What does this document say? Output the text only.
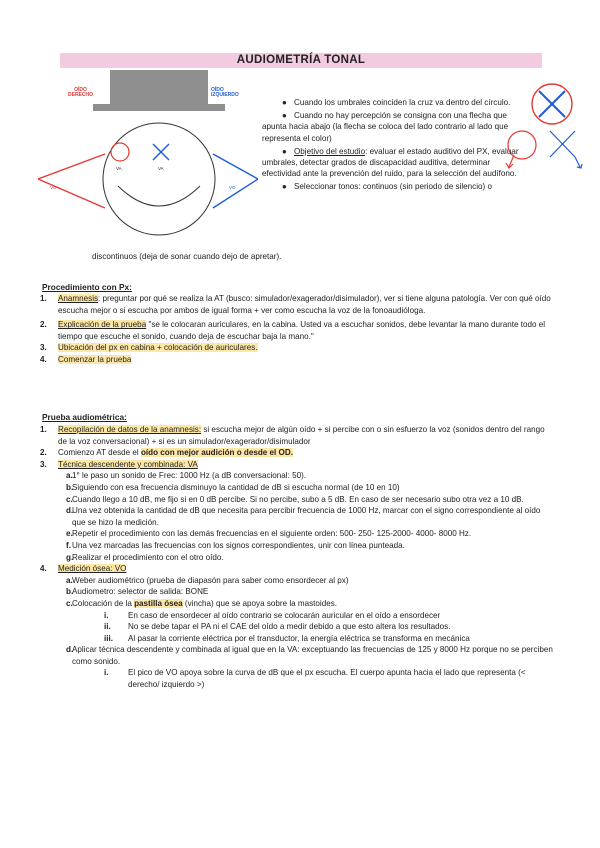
AUDIOMETRÍA TONAL
OÍDO
DERECHO
OÍDO
IZQUIERDO
VA	VA
VO	VO
● Cuando los umbrales coinciden la cruz va dentro del círculo.
● Cuando no hay percepción se consigna con una flecha que apunta hacia abajo (la flecha se coloca del lado contrario al lado que representa el color)
● Objetivo del estudio: evaluar el estado auditivo del PX, evaluar umbrales, detectar grados de discapacidad auditiva, determinar efectividad ante la prevención del ruido, para la selección del audífono.
● Seleccionar tonos: continuos (sin periodo de silencio) o
discontinuos (deja de sonar cuando dejo de apretar).
Procedimiento con Px:
1. Anamnesis: preguntar por qué se realiza la AT (busco: simulador/exagerador/disimulador), ver si tiene alguna patología. Ver con qué oído escucha mejor o si escucha por ambos de igual forma + ver como escucha la voz de la fonoaudióloga.
2. Explicación de la prueba "se le colocaran auriculares, en la cabina. Usted va a escuchar sonidos, debe levantar la mano durante todo el tiempo que escuche el sonido, cuando deja de escuchar baja la mano."
3. Ubicación del px en cabina + colocación de auriculares.
4. Comenzar la prueba
Prueba audiométrica:
1. Recopilación de datos de la anamnesis: si escucha mejor de algún oído + si percibe con o sin esfuerzo la voz (sonidos dentro del rango de la voz conversacional) + si es un simulador/exagerador/disimulador
2. Comienzo AT desde el oído con mejor audición o desde el OD.
3. Técnica descendente y combinada: VA
a. 1° le paso un sonido de Frec: 1000 Hz (a dB conversacional: 50).
b.
Siguiendo con esa frecuencia disminuyo la cantidad de dB si escucha normal (de 10 en 10)
c. Cuando llego a 10 dB, me fijo si en 0 dB percibe. Si no percibe, subo a 5 dB. En caso de ser necesario subo otra vez a 10 dB.
d.
Una vez obtenida la cantidad de dB que necesita para percibir frecuencia de 1000 Hz, marcar con el signo correspondiente al oído que se hizo la medición.
e. Repetir el procedimiento con las demás frecuencias en el siguiente orden: 500- 250- 125-2000- 4000- 8000 Hz.
f. Una vez marcadas las frecuencias con los signos correspondientes, unir con línea punteada.
g.
Realizar el procedimiento con el otro oído.
4. Medición ósea: VO
a. Weber audiométrico (prueba de diapasón para saber como ensordecer al px)
b.
Audiometro: selector de salida: BONE
c. Colocación de la pastilla ósea (vincha) que se apoya sobre la mastoides.
i. En caso de ensordecer al oído contrario se colocarán auricular en el oído a ensordecer
ii. No se debe tapar el PA ni el CAE del oído a medir debido a que esto altera los resultados.
iii. Al pasar la corriente eléctrica por el transductor, la energía eléctrica se transforma en mecánica
d.
Aplicar técnica descendente y combinada al igual que en la VA: exceptuando las frecuencias de 125 y 8000 Hz porque no se perciben como sonido.
i. El pico de VO apoya sobre la curva de dB que el px escucha. El cuerpo apunta hacia el lado que representa (< derecho/ izquierdo >)
